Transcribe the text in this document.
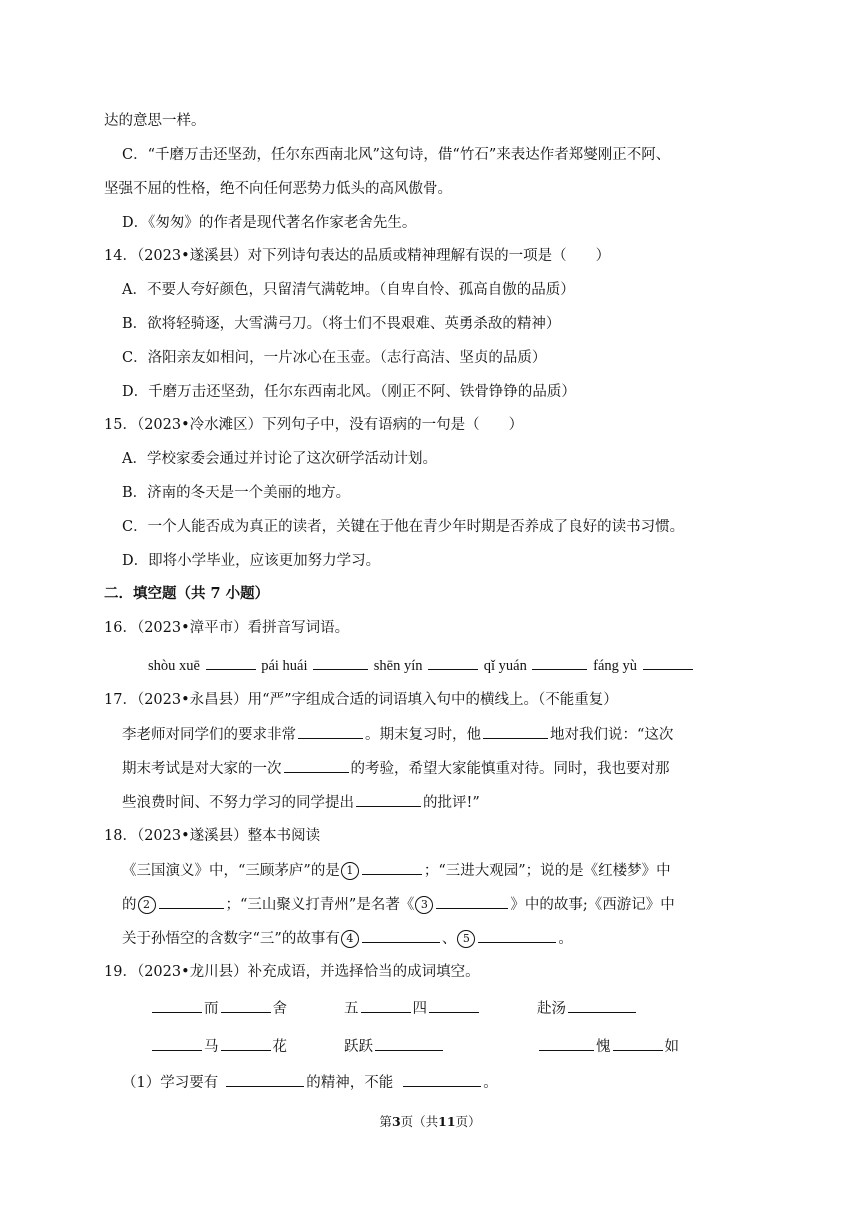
达的意思一样。
C．“千磨万击还坚劲，任尔东西南北风”这句诗，借“竹石”来表达作者郑燮刚正不阿、
坚强不屈的性格，绝不向任何恶势力低头的高风傲骨。
D．《匆匆》的作者是现代著名作家老舍先生。
14．（2023•遂溪县）对下列诗句表达的品质或精神理解有误的一项是（　　）
A．不要人夸好颜色，只留清气满乾坤。（自卑自怜、孤高自傲的品质）
B．欲将轻骑逐，大雪满弓刀。（将士们不畏艰难、英勇杀敌的精神）
C．洛阳亲友如相问，一片冰心在玉壶。（志行高洁、坚贞的品质）
D．千磨万击还坚劲，任尔东西南北风。（刚正不阿、铁骨铮铮的品质）
15．（2023•冷水滩区）下列句子中，没有语病的一句是（　　）
A．学校家委会通过并讨论了这次研学活动计划。
B．济南的冬天是一个美丽的地方。
C．一个人能否成为真正的读者，关键在于他在青少年时期是否养成了良好的读书习惯。
D．即将小学毕业，应该更加努力学习。
二．填空题（共 7 小题）
16．（2023•漳平市）看拼音写词语。
shòu xuē	pái huái	shēn yín	qǐ yuán	fáng yù
17．（2023•永昌县）用“严”字组成合适的词语填入句中的横线上。（不能重复）
李老师对同学们的要求非常	。期末复习时，他	地对我们说：“这次
期末考试是对大家的一次	的考验，希望大家能慎重对待。同时，我也要对那
些浪费时间、不努力学习的同学提出	的批评!”
18．（2023•遂溪县）整本书阅读
《三国演义》中，“三顾茅庐”的是 1	；“三进大观园”；说的是《红楼梦》中
的 2	；“三山聚义打青州”是名著《 3	》中的故事;《西游记》中
关于孙悟空的含数字“三”的故事有 4	、 5	。
19．（2023•龙川县）补充成语，并选择恰当的成词填空。
而	舍	五	四	赴汤
马	花	跃跃	愧	如
（1）学习要有	的精神，不能	。
第3页（共11页）
